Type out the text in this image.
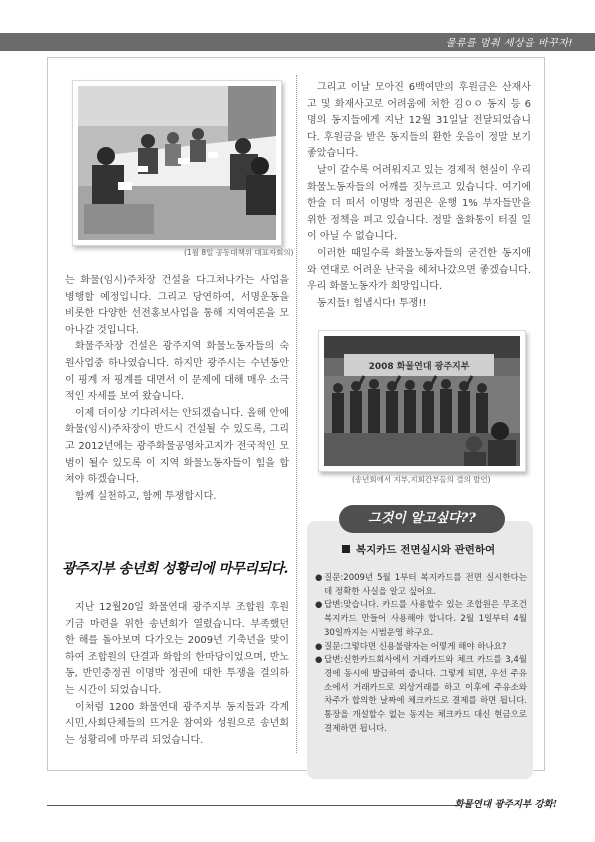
물류를 멈춰 세상을 바꾸자!
(1월 8일 공동대책위 대표자회의)

는 화물(임시)주차장 건설을 다그쳐나가는 사업을 병행할 예정입니다. 그리고 당연하여, 서명운동을 비롯한 다양한 선전홍보사업을 통해 지역여론을 모아나갈 것입니다.

화물주차장 건설은 광주지역 화물노동자들의 숙원사업중 하나였습니다. 하지만 광주시는 수년동안 이 핑계 저 핑계를 대면서 이 문제에 대해 매우 소극적인 자세를 보여 왔습니다.

이제 더이상 기다려서는 안되겠습니다. 올해 안에 화물(임시)주차장이 반드시 건설될 수 있도록, 그리고 2012년에는 광주화물공영차고지가 전국적인 모범이 될수 있도록 이 지역 화물노동자들이 힘을 합쳐야 하겠습니다.

함께 실천하고, 함께 투쟁합시다.

광주지부 송년회 성황리에 마무리되다.

지난 12월20일 화물연대 광주지부 조합원 후원기금 마련을 위한 송년회가 열렸습니다. 부족했던 한 해를 돌아보며 다가오는 2009년 기축년을 맞이하여 조합원의 단결과 화합의 한마당이었으며, 반노동, 반민중정권 이명박 정권에 대한 투쟁을 결의하는 시간이 되었습니다.

이처럼 1200 화물연대 광주지부 동지들과 각계 시민,사회단체들의 뜨거운 참여와 성원으로 송년회는 성황리에 마무리 되었습니다.

그리고 이날 모아진 6백여만의 후원금은 산재사고 및 화재사고로 어려움에 처한 김ㅇㅇ 동지 등 6명의 동지들에게 지난 12월 31일날 전달되었습니다. 후원금을 받은 동지들의 환한 웃음이 정말 보기 좋았습니다.

날이 갈수록 어려워지고 있는 경제적 현실이 우리 화물노동자들의 어깨를 짓누르고 있습니다. 여기에 한술 더 떠서 이명박 정권은 운행 1% 부자들만을 위한 정책을 펴고 있습니다. 정말 울화통이 터질 일이 아닐 수 없습니다.

이러한 때일수록 화물노동자들의 굳건한 동지애와 연대로 어려운 난국을 헤쳐나갔으면 좋겠습니다. 우리 화물노동자가 희망입니다.

동지들! 힘냅시다! 투쟁!!

2008 화물연대 광주지부
(송년회에서 지부,지회간부들의 결의 발언)
그것이 알고싶다??
복지카드 전면실시와 관련하여
● 질문:2009년 5월 1부터 복지카드를 전면 실시한다는데 정확한 사실을 알고 싶어요.
● 답변:맞습니다. 카드를 사용할수 있는 조합원은 무조건 복지카드 만들어 사용해야 합니다. 2월 1일부터 4월 30일까지는 시범운영 하구요.
● 질문:그렇다면 신용불량자는 어떻게 해야 하나요?
● 답변:신한카드회사에서 거래카드와 체크 카드를 3,4월경에 동시에 발급하여 줍니다. 그렇게 되면, 우선 주유소에서 거래카드로 외상거래를 하고 이후에 주유소와 차주가 합의한 날짜에 체크카드로 결제를 하면 됩니다. 통장을 개설할수 없는 동지는 체크카드 대신 현금으로 결제하면 됩니다.
화물연대 광주지부 강화!
